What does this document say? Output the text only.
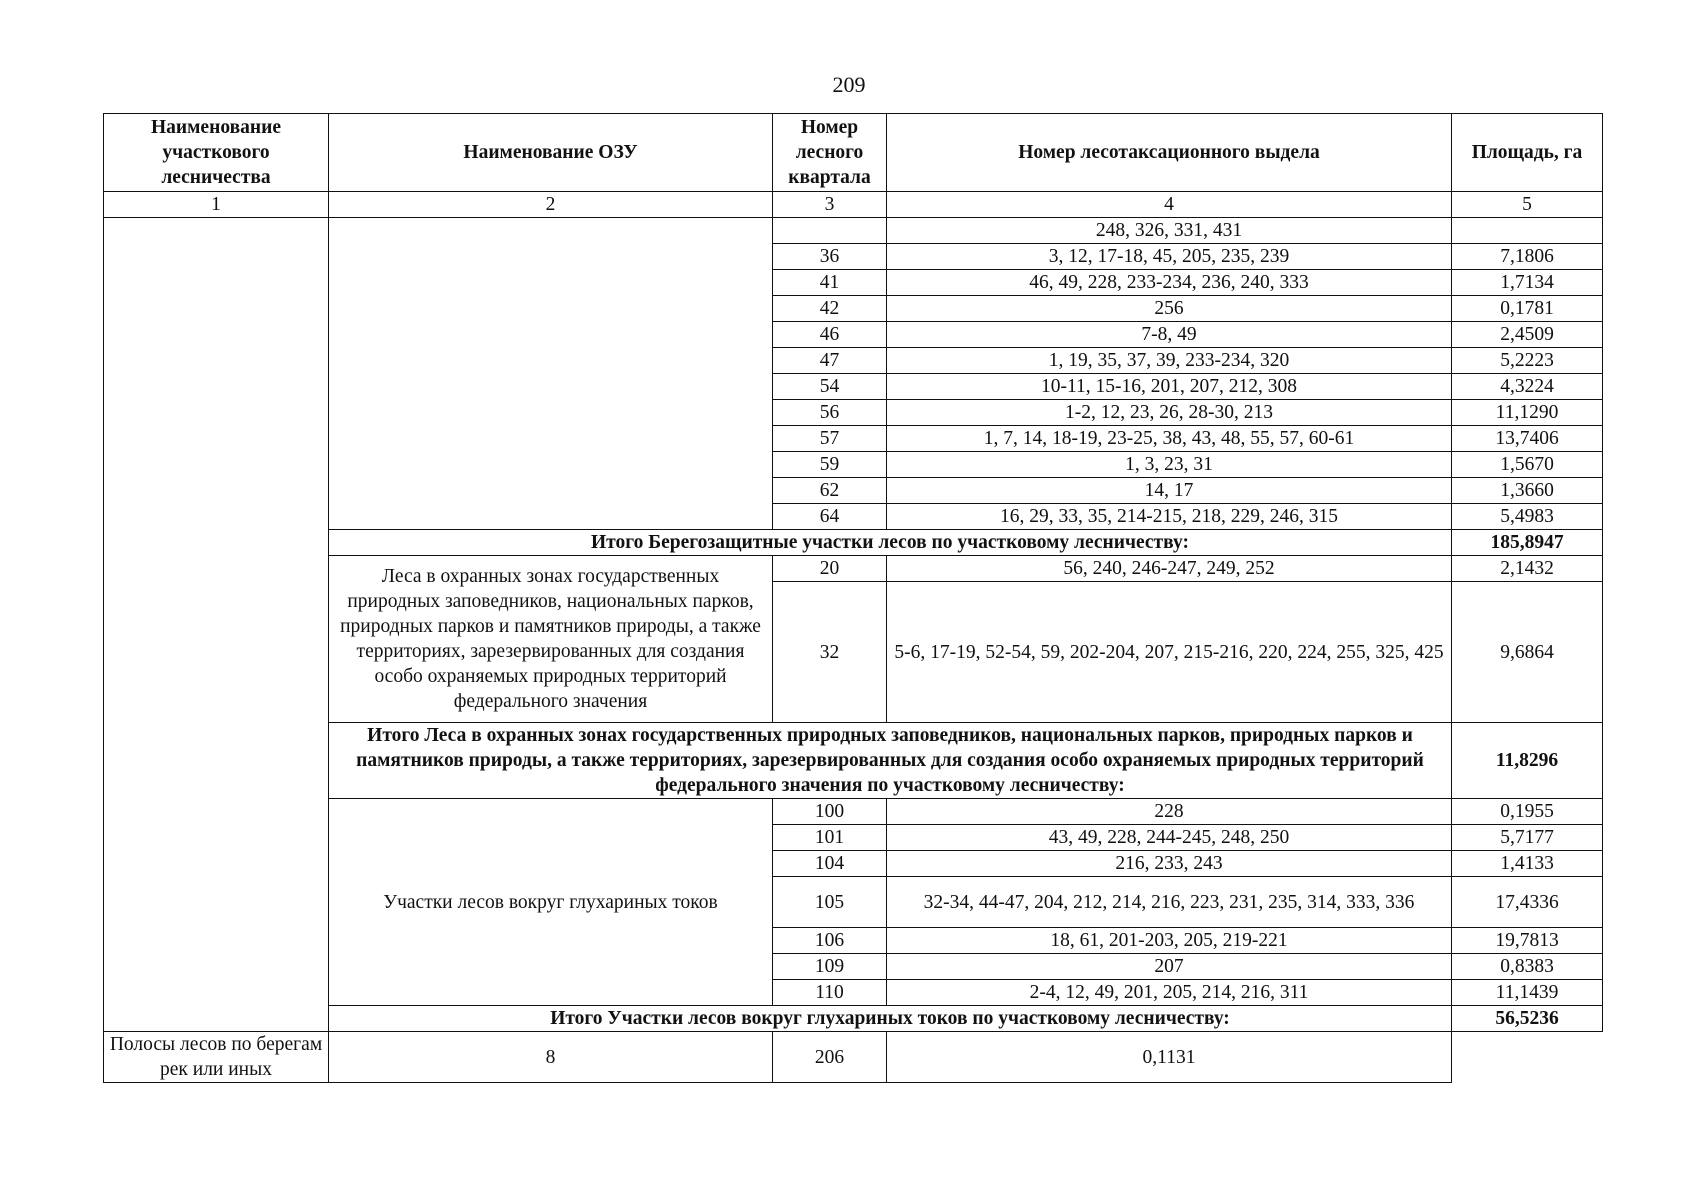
209
Наименование участкового лесничества	Наименование ОЗУ	Номер лесного квартала	Номер лесотаксационного выдела	Площадь, га
1	2	3	4	5
			248, 326, 331, 431	
		36	3, 12, 17-18, 45, 205, 235, 239	7,1806
		41	46, 49, 228, 233-234, 236, 240, 333	1,7134
		42	256	0,1781
		46	7-8, 49	2,4509
		47	1, 19, 35, 37, 39, 233-234, 320	5,2223
		54	10-11, 15-16, 201, 207, 212, 308	4,3224
		56	1-2, 12, 23, 26, 28-30, 213	11,1290
		57	1, 7, 14, 18-19, 23-25, 38, 43, 48, 55, 57, 60-61	13,7406
		59	1, 3, 23, 31	1,5670
		62	14, 17	1,3660
		64	16, 29, 33, 35, 214-215, 218, 229, 246, 315	5,4983
	Итого Берегозащитные участки лесов по участковому лесничеству:			185,8947
	Леса в охранных зонах государственных природных заповедников, национальных парков, природных парков и памятников природы, а также территориях, зарезервированных для создания особо охраняемых природных территорий федерального значения	20	56, 240, 246-247, 249, 252	2,1432
		32	5-6, 17-19, 52-54, 59, 202-204, 207, 215-216, 220, 224, 255, 325, 425	9,6864
	Итого Леса в охранных зонах государственных природных заповедников, национальных парков, природных парков и памятников природы, а также территориях, зарезервированных для создания особо охраняемых природных территорий федерального значения по участковому лесничеству:			11,8296
	Участки лесов вокруг глухариных токов	100	228	0,1955
		101	43, 49, 228, 244-245, 248, 250	5,7177
		104	216, 233, 243	1,4133
		105	32-34, 44-47, 204, 212, 214, 216, 223, 231, 235, 314, 333, 336	17,4336
		106	18, 61, 201-203, 205, 219-221	19,7813
		109	207	0,8383
		110	2-4, 12, 49, 201, 205, 214, 216, 311	11,1439
	Итого Участки лесов вокруг глухариных токов по участковому лесничеству:			56,5236
Полосы лесов по берегам рек или иных	8	206	0,1131	
